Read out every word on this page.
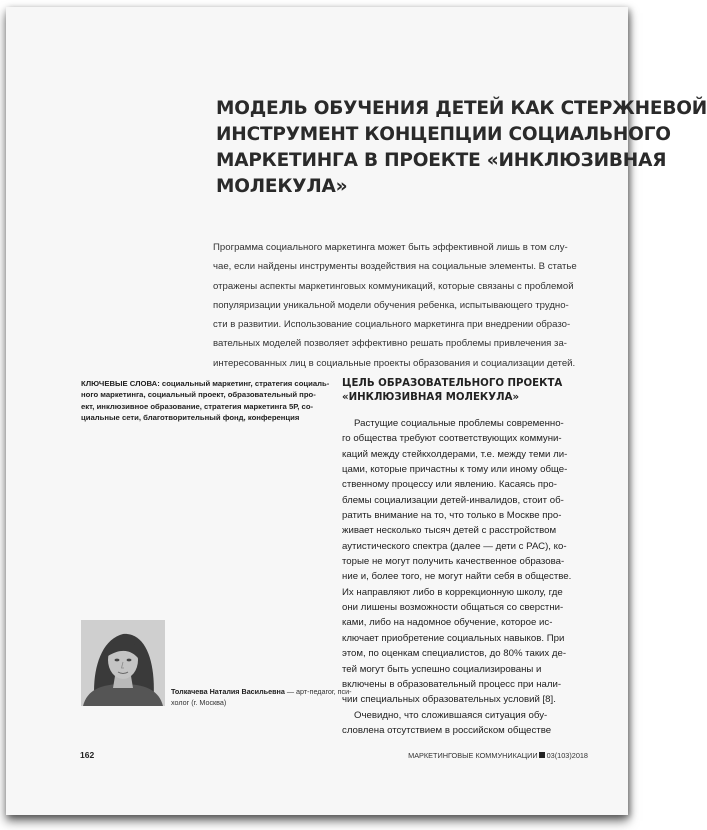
МОДЕЛЬ ОБУЧЕНИЯ ДЕТЕЙ КАК СТЕРЖНЕВОЙ
ИНСТРУМЕНТ КОНЦЕПЦИИ СОЦИАЛЬНОГО
МАРКЕТИНГА В ПРОЕКТЕ «ИНКЛЮЗИВНАЯ
МОЛЕКУЛА»
Программа социального маркетинга может быть эффективной лишь в том слу-
чае, если найдены инструменты воздействия на социальные элементы. В статье
отражены аспекты маркетинговых коммуникаций, которые связаны с проблемой
популяризации уникальной модели обучения ребенка, испытывающего трудно-
сти в развитии. Использование социального маркетинга при внедрении образо-
вательных моделей позволяет эффективно решать проблемы привлечения за-
интересованных лиц в социальные проекты образования и социализации детей.
КЛЮЧЕВЫЕ СЛОВА: социальный маркетинг, стратегия социаль-
ного маркетинга, социальный проект, образовательный про-
ект, инклюзивное образование, стратегия маркетинга 5Р, со-
циальные сети, благотворительный фонд, конференция
ЦЕЛЬ ОБРАЗОВАТЕЛЬНОГО ПРОЕКТА
«ИНКЛЮЗИВНАЯ МОЛЕКУЛА»
Растущие социальные проблемы современно-
го общества требуют соответствующих коммуни-
каций между стейкхолдерами, т.е. между теми ли-
цами, которые причастны к тому или иному обще-
ственному процессу или явлению. Касаясь про-
блемы социализации детей-инвалидов, стоит об-
ратить внимание на то, что только в Москве про-
живает несколько тысяч детей с расстройством
аутистического спектра (далее — дети с РАС), ко-
торые не могут получить качественное образова-
ние и, более того, не могут найти себя в обществе.
Их направляют либо в коррекционную школу, где
они лишены возможности общаться со сверстни-
ками, либо на надомное обучение, которое ис-
ключает приобретение социальных навыков. При
этом, по оценкам специалистов, до 80% таких де-
тей могут быть успешно социализированы и
включены в образовательный процесс при нали-
чии специальных образовательных условий [8].
Очевидно, что сложившаяся ситуация обу-
словлена отсутствием в российском обществе
Толкачева Наталия Васильевна — арт-педагог, пси-
холог (г. Москва)
162	МАРКЕТИНГОВЫЕ КОММУНИКАЦИИ 03(103)2018
